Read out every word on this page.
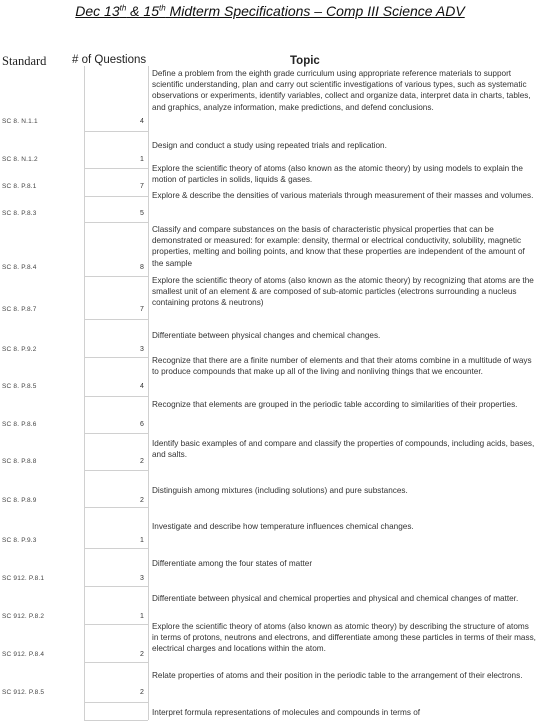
Dec 13th & 15th Midterm Specifications – Comp III Science ADV
Standard # of Questions	Topic
SC 8. N.1.1	4
Define a problem from the eighth grade curriculum using appropriate reference materials to support scientific understanding, plan and carry out scientific investigations of various types, such as systematic observations or experiments, identify variables, collect and organize data, interpret data in charts, tables, and graphics, analyze information, make predictions, and defend conclusions.
SC 8. N.1.2	1
Design and conduct a study using repeated trials and replication.
SC 8. P.8.1	7
Explore the scientific theory of atoms (also known as the atomic theory) by using models to explain the motion of particles in solids, liquids & gases.
SC 8. P.8.3	5
Explore & describe the densities of various materials through measurement of their masses and volumes.
SC 8. P.8.4	8
Classify and compare substances on the basis of characteristic physical properties that can be demonstrated or measured: for example: density, thermal or electrical conductivity, solubility, magnetic properties, melting and boiling points, and know that these properties are independent of the amount of the sample
SC 8. P.8.7	7
Explore the scientific theory of atoms (also known as the atomic theory) by recognizing that atoms are the smallest unit of an element & are composed of sub-atomic particles (electrons surrounding a nucleus containing protons & neutrons)
SC 8. P.9.2	3
Differentiate between physical changes and chemical changes.
SC 8. P.8.5	4
Recognize that there are a finite number of elements and that their atoms combine in a multitude of ways to produce compounds that make up all of the living and nonliving things that we encounter.
SC 8. P.8.6	6
Recognize that elements are grouped in the periodic table according to similarities of their properties.
SC 8. P.8.8	2
Identify basic examples of and compare and classify the properties of compounds, including acids, bases, and salts.
SC 8. P.8.9	2
Distinguish among mixtures (including solutions) and pure substances.
SC 8. P.9.3	1
Investigate and describe how temperature influences chemical changes.
SC 912. P.8.1	3
Differentiate among the four states of matter
SC 912. P.8.2	1
Differentiate between physical and chemical properties and physical and chemical changes of matter.
SC 912. P.8.4	2
Explore the scientific theory of atoms (also known as atomic theory) by describing the structure of atoms in terms of protons, neutrons and electrons, and differentiate among these particles in terms of their mass, electrical charges and locations within the atom.
SC 912. P.8.5	2
Relate properties of atoms and their position in the periodic table to the arrangement of their electrons.
Interpret formula representations of molecules and compounds in terms of
